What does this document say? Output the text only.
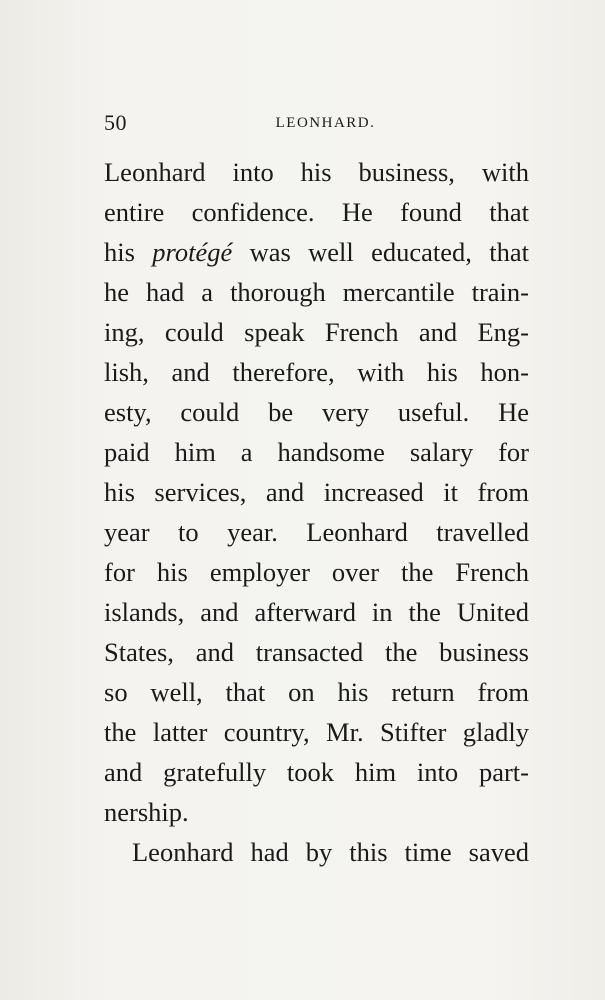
50	LEONHARD.
Leonhard into his business, with
entire confidence. He found that
his protégé was well educated, that
he had a thorough mercantile train-
ing, could speak French and Eng-
lish, and therefore, with his hon-
esty, could be very useful. He
paid him a handsome salary for
his services, and increased it from
year to year. Leonhard travelled
for his employer over the French
islands, and afterward in the United
States, and transacted the business
so well, that on his return from
the latter country, Mr. Stifter gladly
and gratefully took him into part-
nership.
Leonhard had by this time saved
